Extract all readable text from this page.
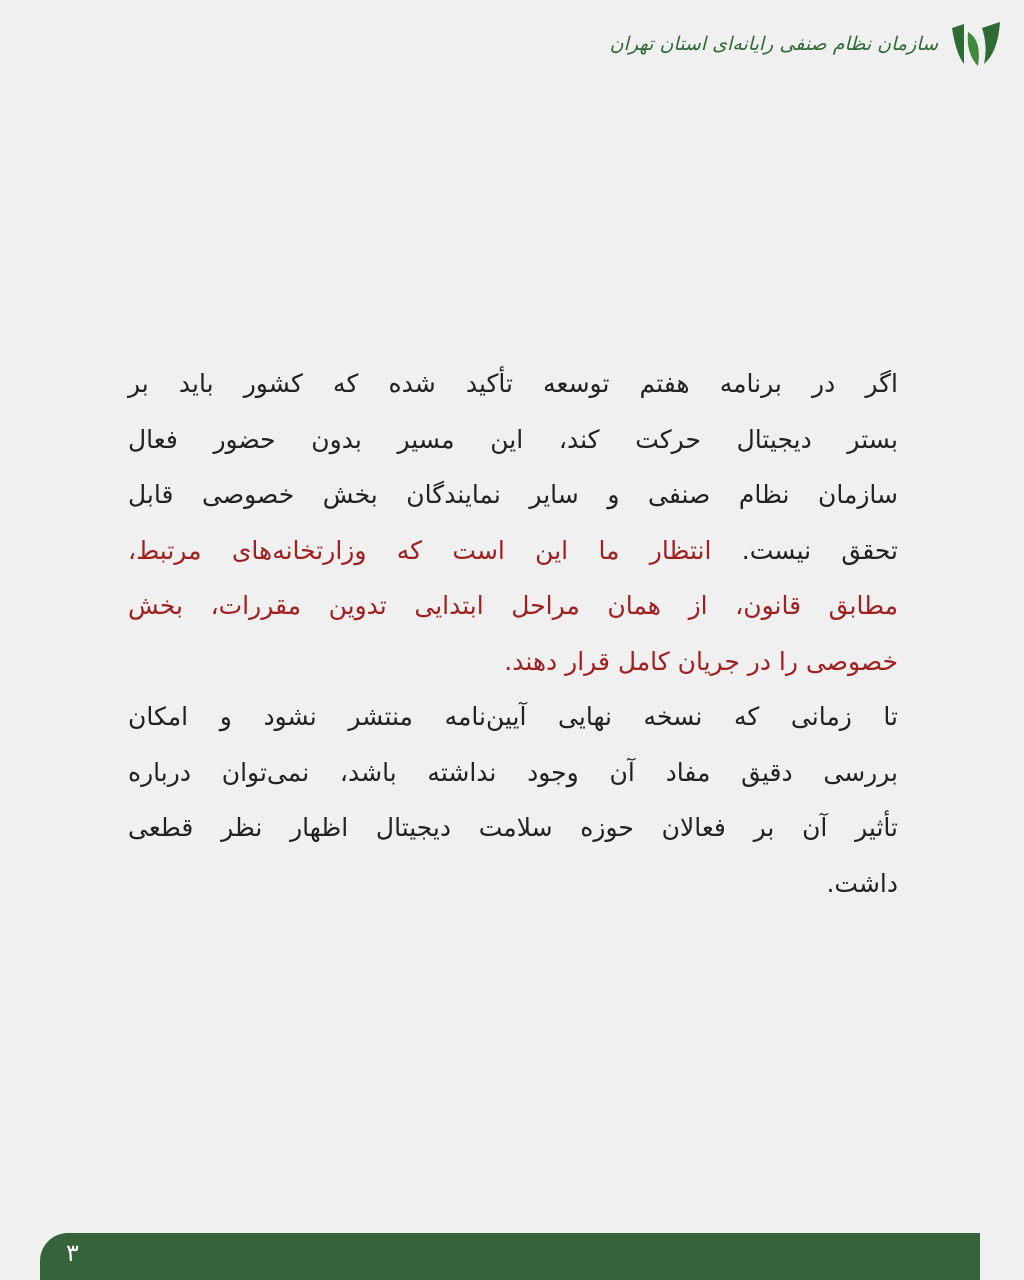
سازمان نظام صنفی رایانه‌ای استان تهران
اگر در برنامه هفتم توسعه تأکید شده که کشور باید بر
بستر دیجیتال حرکت کند، این مسیر بدون حضور فعال
سازمان نظام صنفی و سایر نمایندگان بخش خصوصی قابل
تحقق نیست. انتظار ما این است که وزارتخانه‌های مرتبط،
مطابق قانون، از همان مراحل ابتدایی تدوین مقررات، بخش
خصوصی را در جریان کامل قرار دهند.
تا زمانی که نسخه نهایی آیین‌نامه منتشر نشود و امکان
بررسی دقیق مفاد آن وجود نداشته باشد، نمی‌توان درباره
تأثیر آن بر فعالان حوزه سلامت دیجیتال اظهار نظر قطعی
داشت.
۳
